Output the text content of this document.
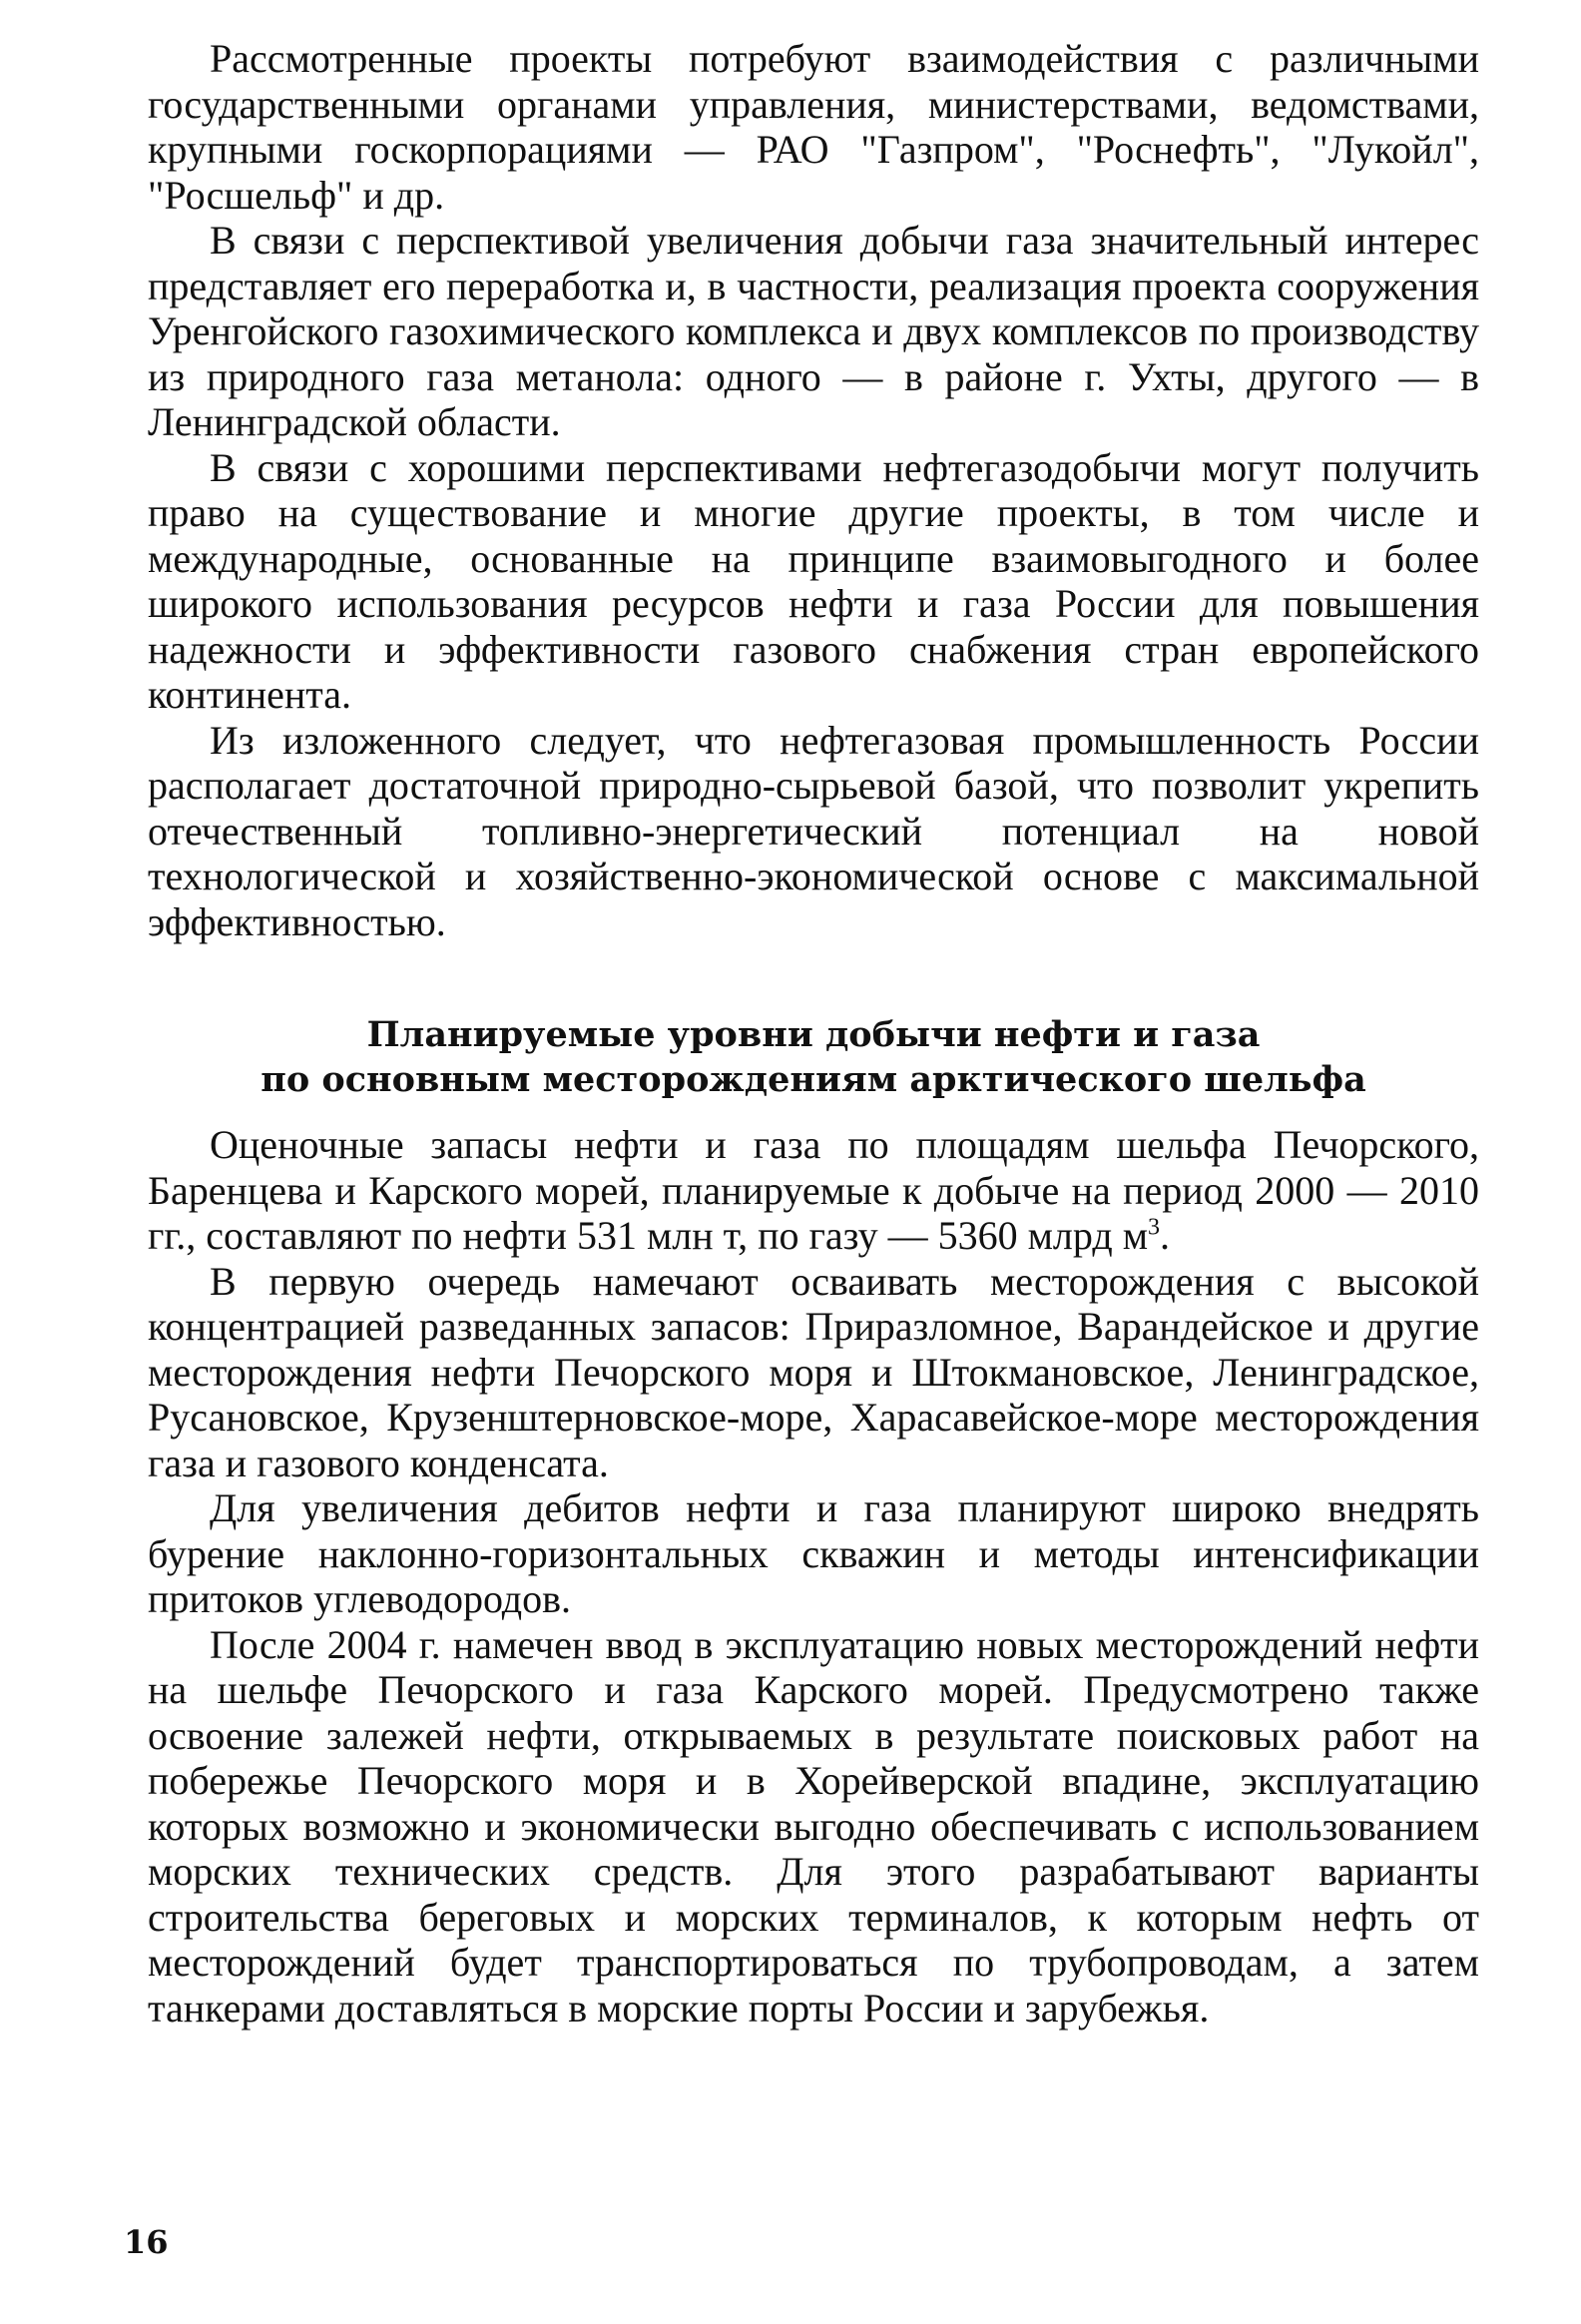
Рассмотренные проекты потребуют взаимодействия с различными государственными органами управления, министерствами, ведомствами, крупными госкорпорациями — РАО "Газпром", "Роснефть", "Лукойл", "Росшельф" и др.

В связи с перспективой увеличения добычи газа значительный интерес представляет его переработка и, в частности, реализация проекта сооружения Уренгойского газохимического комплекса и двух комплексов по производству из природного газа метанола: одного — в районе г. Ухты, другого — в Ленинградской области.

В связи с хорошими перспективами нефтегазодобычи могут получить право на существование и многие другие проекты, в том числе и международные, основанные на принципе взаимовыгодного и более широкого использования ресурсов нефти и газа России для повышения надежности и эффективности газового снабжения стран европейского континента.

Из изложенного следует, что нефтегазовая промышленность России располагает достаточной природно-сырьевой базой, что позволит укрепить отечественный топливно-энергетический потенциал на новой технологической и хозяйственно-экономической основе с максимальной эффективностью.

Планируемые уровни добычи нефти и газа
по основным месторождениям арктического шельфа

Оценочные запасы нефти и газа по площадям шельфа Печорского, Баренцева и Карского морей, планируемые к добыче на период 2000 — 2010 гг., составляют по нефти 531 млн т, по газу — 5360 млрд $м^3$.

В первую очередь намечают осваивать месторождения с высокой концентрацией разведанных запасов: Приразломное, Варандейское и другие месторождения нефти Печорского моря и Штокмановское, Ленинградское, Русановское, Крузенштерновское-море, Харасавейское-море месторождения газа и газового конденсата.

Для увеличения дебитов нефти и газа планируют широко внедрять бурение наклонно-горизонтальных скважин и методы интенсификации притоков углеводородов.

После 2004 г. намечен ввод в эксплуатацию новых месторождений нефти на шельфе Печорского и газа Карского морей. Предусмотрено также освоение залежей нефти, открываемых в результате поисковых работ на побережье Печорского моря и в Хорейверской впадине, эксплуатацию которых возможно и экономически выгодно обеспечивать с использованием морских технических средств. Для этого разрабатывают варианты строительства береговых и морских терминалов, к которым нефть от месторождений будет транспортироваться по трубопроводам, а затем танкерами доставляться в морские порты России и зарубежья.

16
